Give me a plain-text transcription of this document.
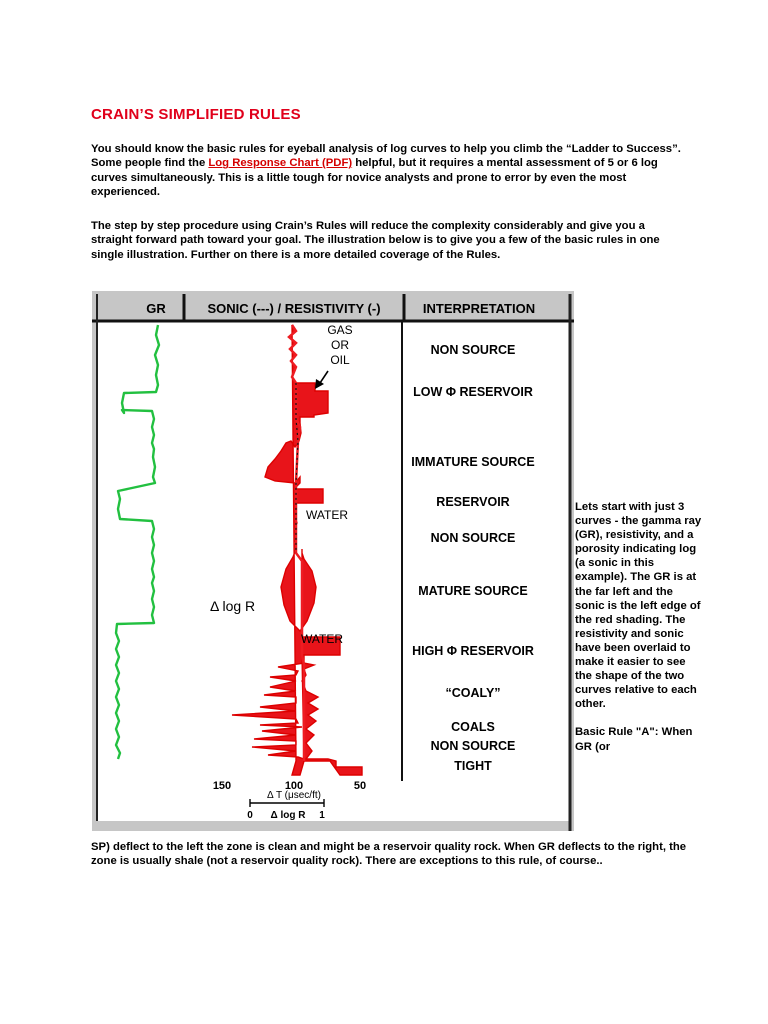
CRAIN’S SIMPLIFIED RULES

You should know the basic rules for eyeball analysis of log curves to help you climb the “Ladder to Success”. Some people find the Log Response Chart (PDF) helpful, but it requires a mental assessment of 5 or 6 log curves simultaneously. This is a little tough for novice analysts and prone to error by even the most experienced.

The step by step procedure using Crain’s Rules will reduce the complexity considerably and give you a straight forward path toward your goal. The illustration below is to give you a few of the basic rules in one single illustration. Further on there is a more detailed coverage of the Rules.

GR	SONIC (---) / RESISTIVITY (-)	INTERPRETATION
GAS
OR
OIL
WATER
WATER
Δ log R
NON SOURCE
LOW Φ RESERVOIR
IMMATURE SOURCE
RESERVOIR
NON SOURCE
MATURE SOURCE
HIGH Φ RESERVOIR
“COALY”
COALS
NON SOURCE
TIGHT
150	100	50
Δ T (μsec/ft)
0 Δ log R 1

Lets start with just 3 curves - the gamma ray (GR), resistivity, and a porosity indicating log (a sonic in this example). The GR is at the far left and the sonic is the left edge of the red shading. The resistivity and sonic have been overlaid to make it easier to see the shape of the two curves relative to each other.
Basic Rule "A": When GR (or

SP) deflect to the left the zone is clean and might be a reservoir quality rock. When GR deflects to the right, the zone is usually shale (not a reservoir quality rock). There are exceptions to this rule, of course..
